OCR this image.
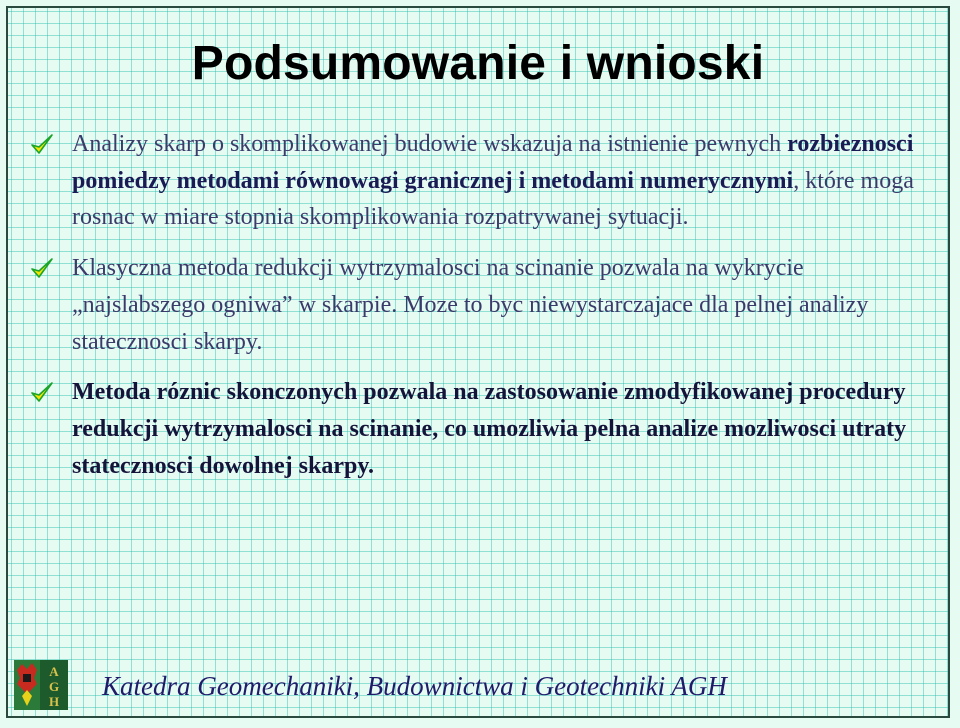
Podsumowanie i wnioski
Analizy skarp o skomplikowanej budowie wskazuja na istnienie pewnych rozbieznosci pomiedzy metodami równowagi granicznej i metodami numerycznymi, które moga rosnac w miare stopnia skomplikowania rozpatrywanej sytuacji.
Klasyczna metoda redukcji wytrzymalosci na scinanie pozwala na wykrycie „najslabszego ogniwa” w skarpie. Moze to byc niewystarczajace dla pelnej analizy statecznosci skarpy.
Metoda róznic skonczonych pozwala na zastosowanie zmodyfikowanej procedury redukcji wytrzymalosci na scinanie, co umozliwia pelna analize mozliwosci utraty statecznosci dowolnej skarpy.
A
G
H

Katedra Geomechaniki, Budownictwa i Geotechniki AGH
